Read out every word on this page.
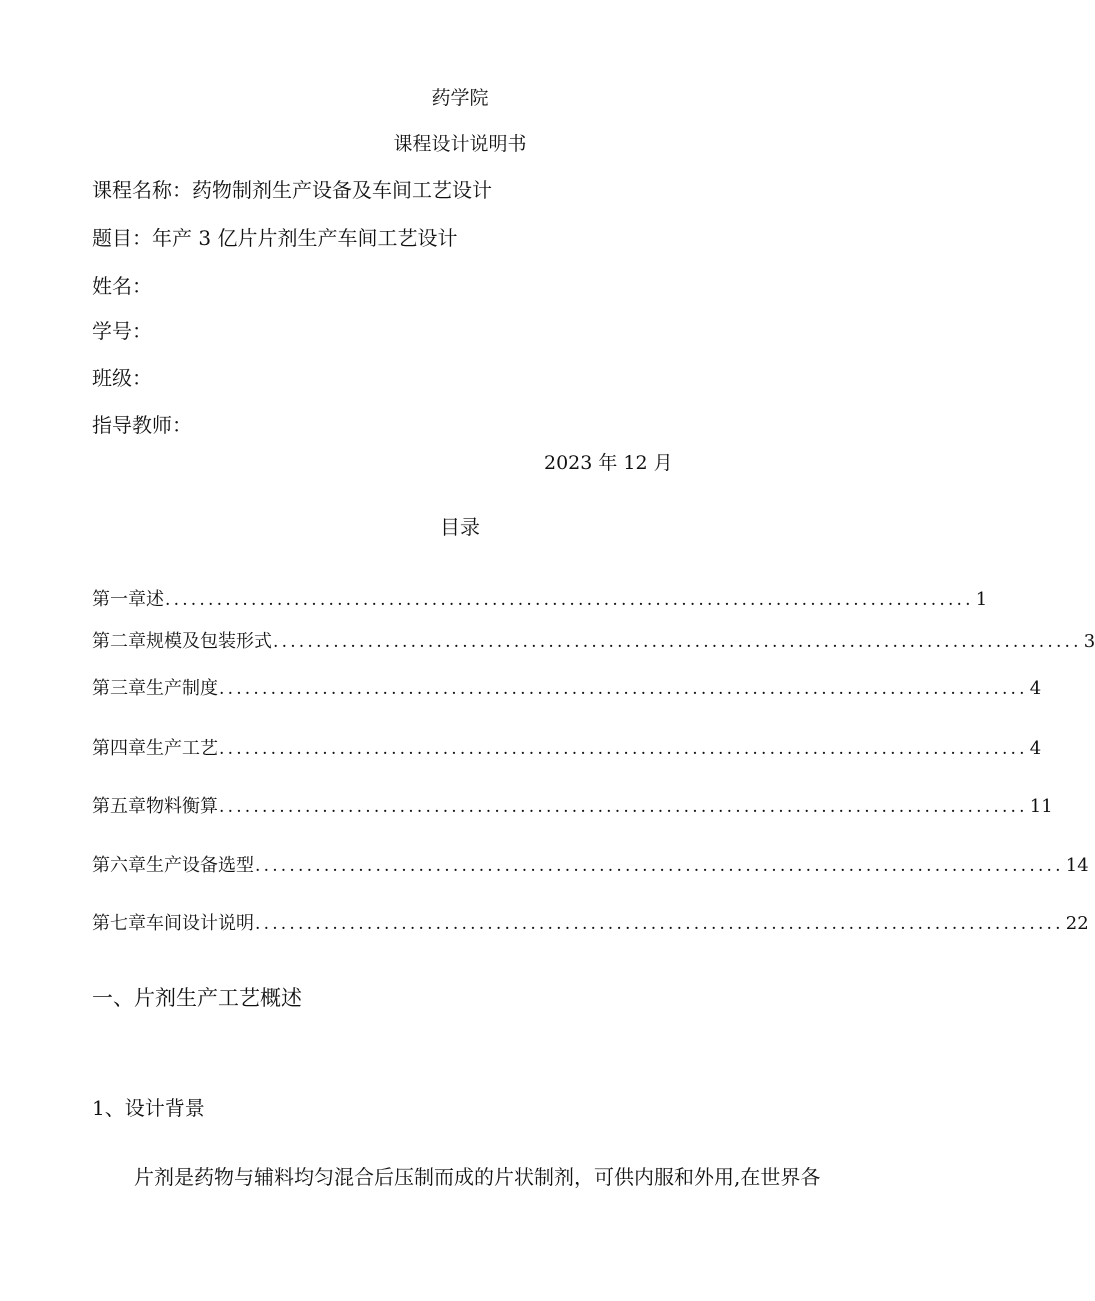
药学院
课程设计说明书
课程名称：药物制剂生产设备及车间工艺设计
题目：年产 3 亿片片剂生产车间工艺设计
姓名：
学号：
班级：
指导教师：
2023 年 12 月
目录
第一章述 .............................................................................................. 1
第二章规模及包装形式 .............................................................................................. 3
第三章生产制度 .............................................................................................. 4
第四章生产工艺 .............................................................................................. 4
第五章物料衡算 .............................................................................................. 11
第六章生产设备选型 .............................................................................................. 14
第七章车间设计说明 .............................................................................................. 22
一、片剂生产工艺概述
1、设计背景
片剂是药物与辅料均匀混合后压制而成的片状制剂，可供内服和外用,在世界各
